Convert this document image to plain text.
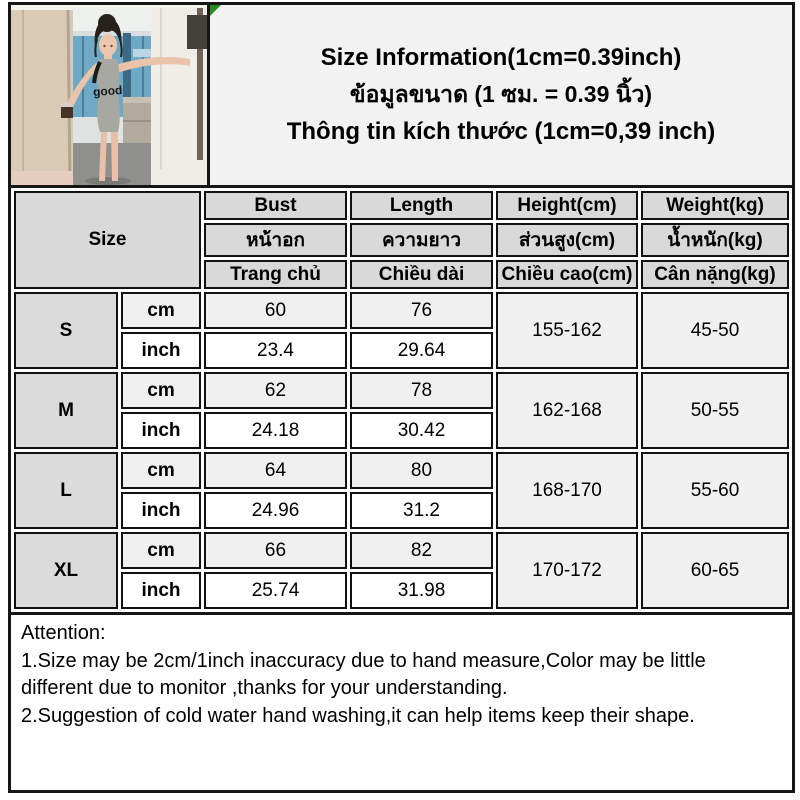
good
Size Information(1cm=0.39inch)
ข้อมูลขนาด (1 ซม. = 0.39 นิ้ว)
Thông tin kích thước (1cm=0,39 inch)
Size		Bust	Length	Height(cm)	Weight(kg)
		หน้าอก	ความยาว	ส่วนสูง(cm)	น้ำหนัก(kg)
		Trang chủ	Chiều dài	Chiều cao(cm)	Cân nặng(kg)
S	cm	60	76	155-162	45-50
	inch	23.4	29.64		
M	cm	62	78	162-168	50-55
	inch	24.18	30.42		
L	cm	64	80	168-170	55-60
	inch	24.96	31.2		
XL	cm	66	82	170-172	60-65
	inch	25.74	31.98		

Attention:

1.Size may be 2cm/1inch inaccuracy due to hand measure,Color may be little different due to monitor ,thanks for your understanding.

2.Suggestion of cold water hand washing,it can help items keep their shape.
